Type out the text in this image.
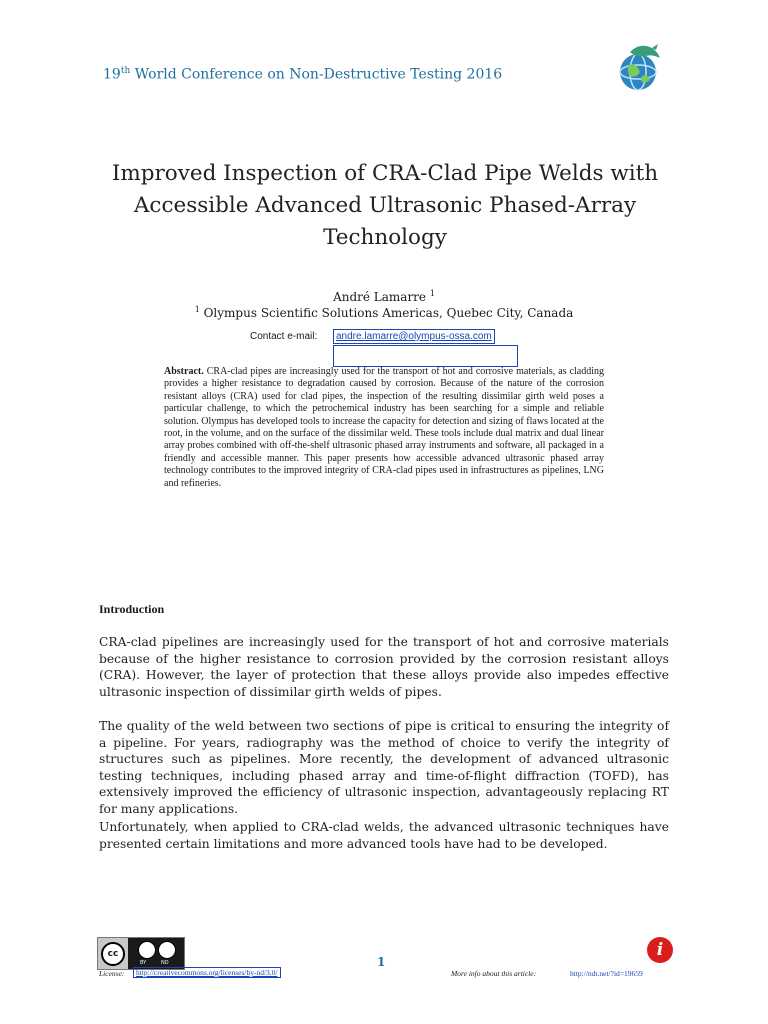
19th World Conference on Non-Destructive Testing 2016
Improved Inspection of CRA-Clad Pipe Welds with
Accessible Advanced Ultrasonic Phased-Array
Technology
André Lamarre $^1$
$^1$ Olympus Scientific Solutions Americas, Quebec City, Canada
Contact e-mail:	andre.lamarre@olympus-ossa.com
Abstract. CRA-clad pipes are increasingly used for the transport of hot and corrosive materials, as cladding provides a higher resistance to degradation caused by corrosion. Because of the nature of the corrosion resistant alloys (CRA) used for clad pipes, the inspection of the resulting dissimilar girth weld poses a particular challenge, to which the petrochemical industry has been searching for a simple and reliable solution. Olympus has developed tools to increase the capacity for detection and sizing of flaws located at the root, in the volume, and on the surface of the dissimilar weld. These tools include dual matrix and dual linear array probes combined with off-the-shelf ultrasonic phased array instruments and software, all packaged in a friendly and accessible manner. This paper presents how accessible advanced ultrasonic phased array technology contributes to the improved integrity of CRA-clad pipes used in infrastructures as pipelines, LNG and refineries.
Introduction
CRA-clad pipelines are increasingly used for the transport of hot and corrosive materials because of the higher resistance to corrosion provided by the corrosion resistant alloys (CRA). However, the layer of protection that these alloys provide also impedes effective ultrasonic inspection of dissimilar girth welds of pipes.
The quality of the weld between two sections of pipe is critical to ensuring the integrity of a pipeline. For years, radiography was the method of choice to verify the integrity of structures such as pipelines. More recently, the development of advanced ultrasonic testing techniques, including phased array and time-of-flight diffraction (TOFD), has extensively improved the efficiency of ultrasonic inspection, advantageously replacing RT for many applications.
Unfortunately, when applied to CRA-clad welds, the advanced ultrasonic techniques have presented certain limitations and more advanced tools have had to be developed.
cc
BY	ND
License:	http://creativecommons.org/licenses/by-nd/3.0/
1
More info about this article:	http://ndt.net/?id=19659
i
